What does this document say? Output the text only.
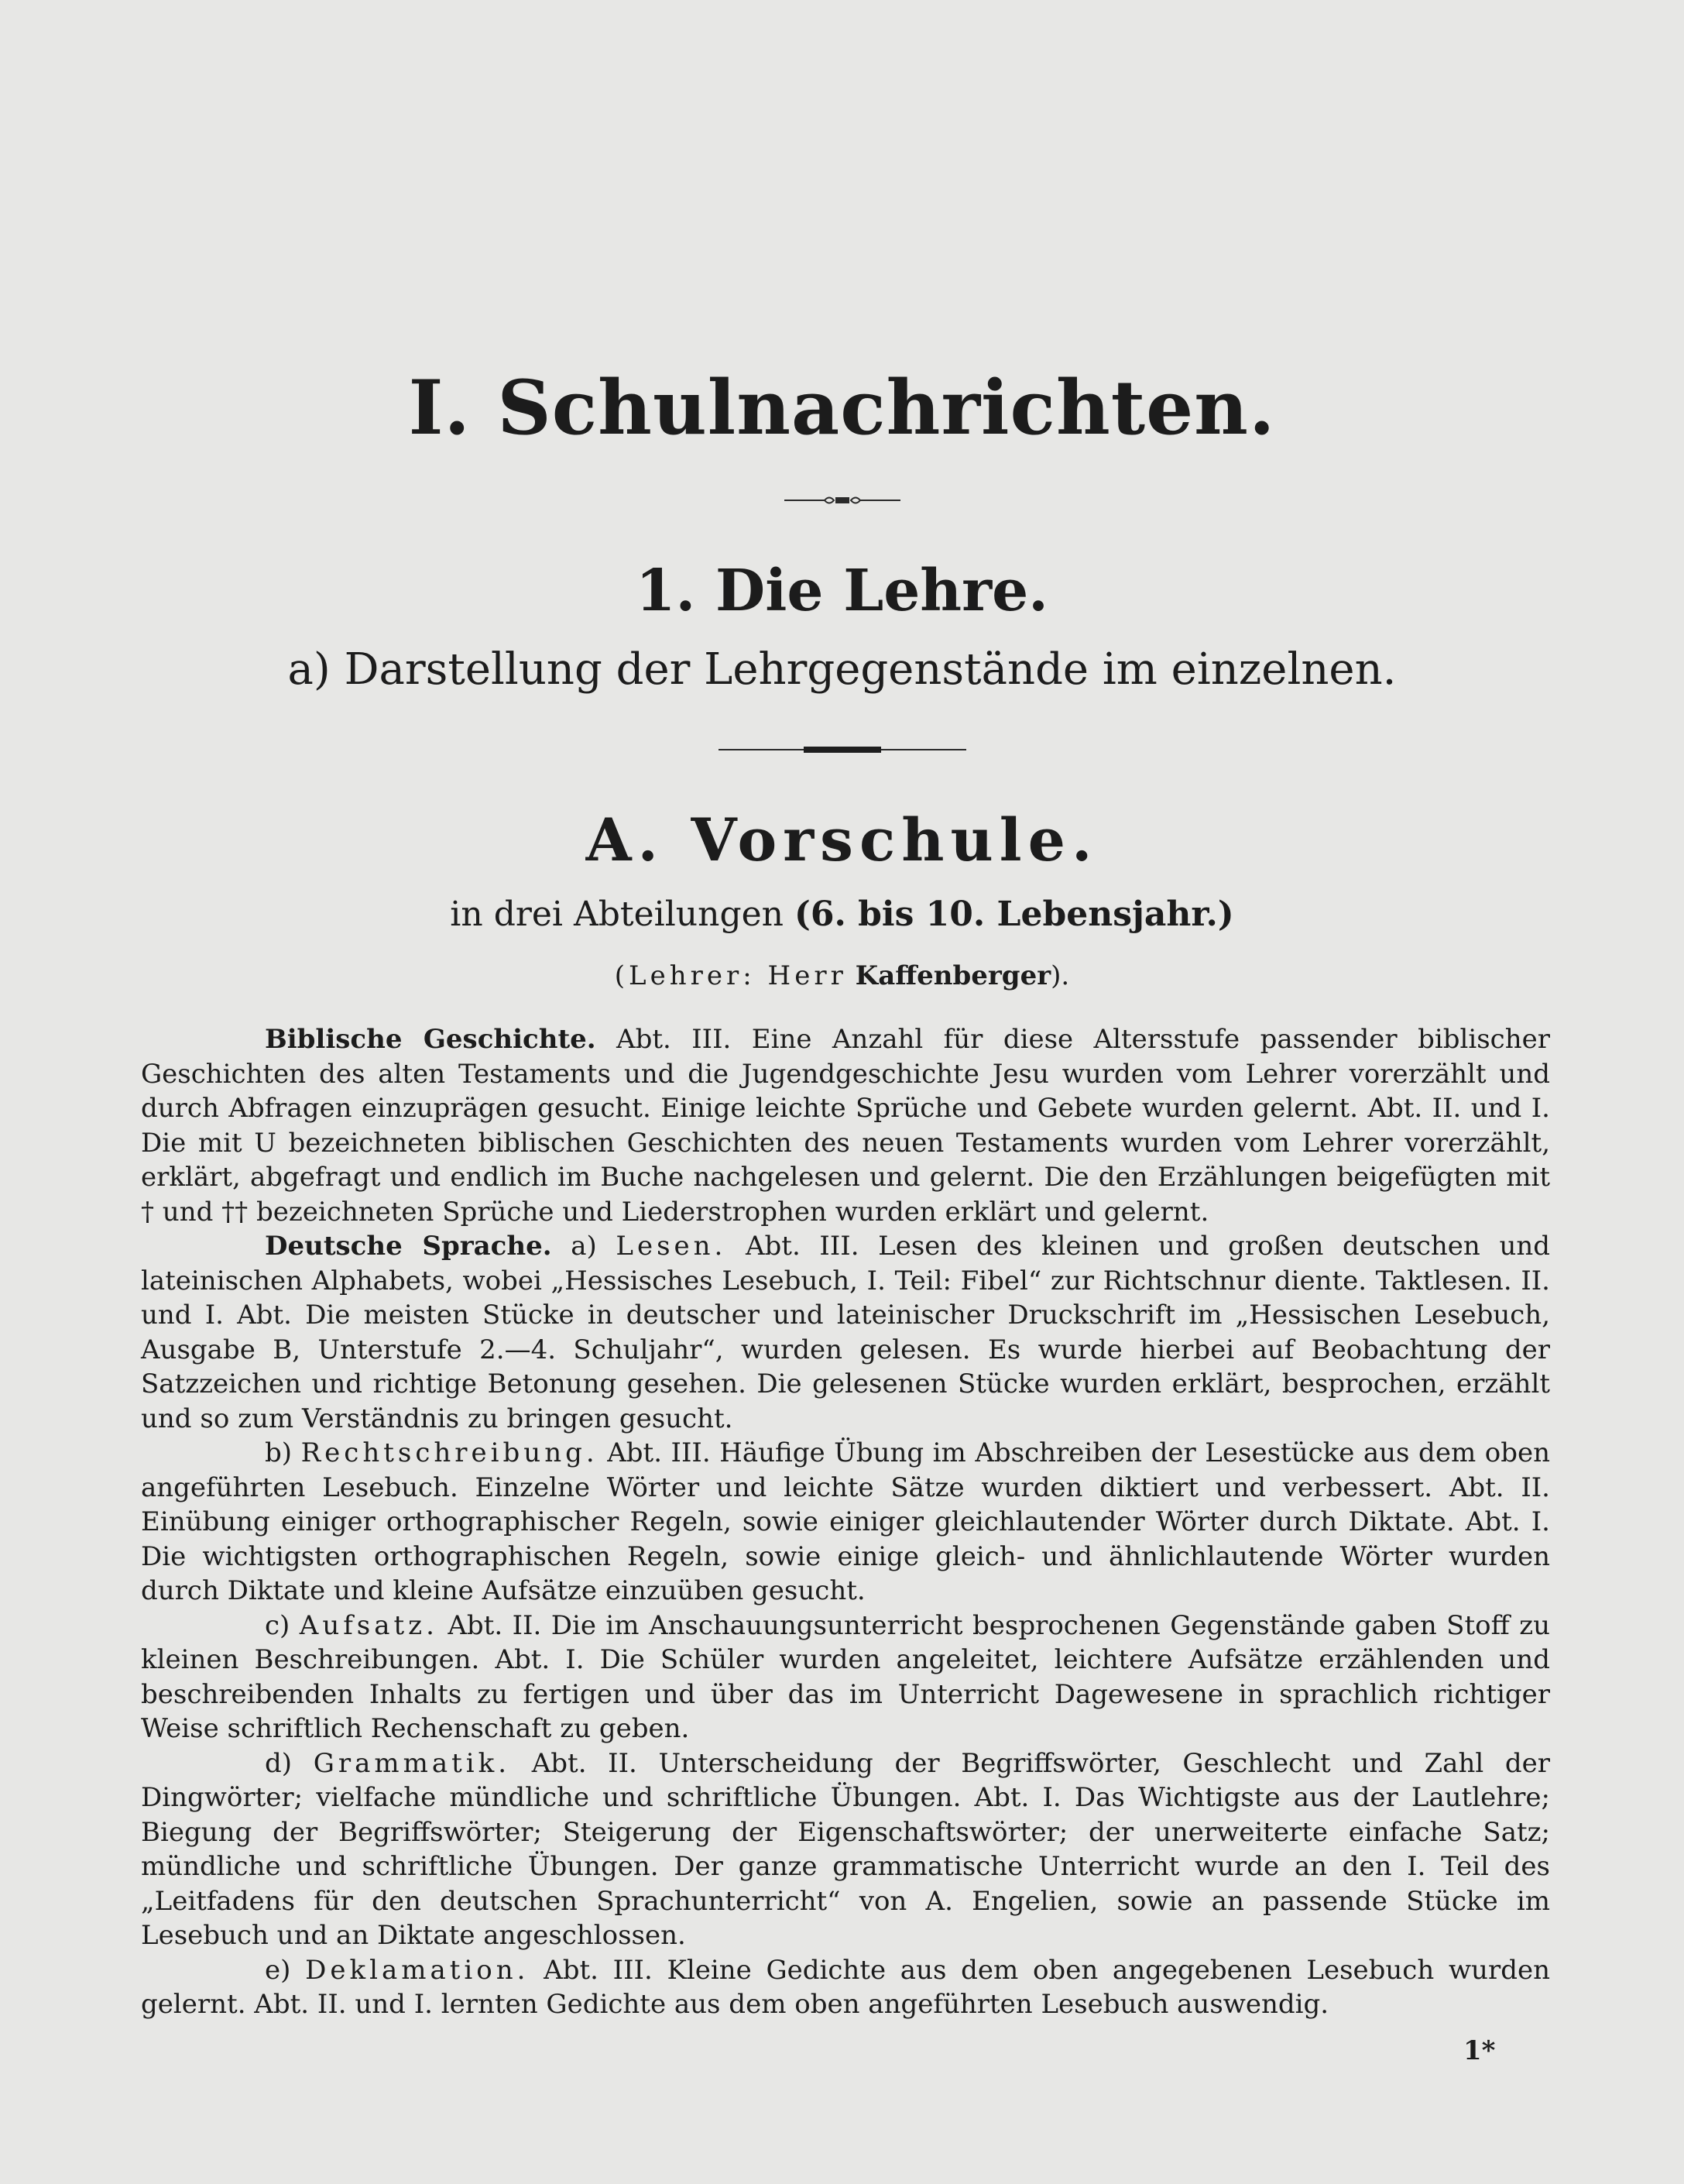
I. Schulnachrichten.
1. Die Lehre.
a) Darstellung der Lehrgegenstände im einzelnen.
A. Vorschule.
in drei Abteilungen (6. bis 10. Lebensjahr.)
(Lehrer: Herr Kaffenberger).

Biblische Geschichte. Abt. III. Eine Anzahl für diese Altersstufe passender biblischer Geschichten des alten Testaments und die Jugendgeschichte Jesu wurden vom Lehrer vorerzählt und durch Abfragen einzuprägen gesucht. Einige leichte Sprüche und Gebete wurden gelernt. Abt. II. und I. Die mit U bezeichneten biblischen Geschichten des neuen Testaments wurden vom Lehrer vorerzählt, erklärt, abgefragt und endlich im Buche nachgelesen und gelernt. Die den Erzählungen beigefügten mit † und †† bezeichneten Sprüche und Liederstrophen wurden erklärt und gelernt.

Deutsche Sprache. a) Lesen. Abt. III. Lesen des kleinen und großen deutschen und lateinischen Alphabets, wobei „Hessisches Lesebuch, I. Teil: Fibel“ zur Richtschnur diente. Taktlesen. II. und I. Abt. Die meisten Stücke in deutscher und lateinischer Druckschrift im „Hessischen Lesebuch, Ausgabe B, Unterstufe 2.—4. Schuljahr“, wurden gelesen. Es wurde hierbei auf Beobachtung der Satzzeichen und richtige Betonung gesehen. Die gelesenen Stücke wurden erklärt, besprochen, erzählt und so zum Verständnis zu bringen gesucht.

b) Rechtschreibung. Abt. III. Häufige Übung im Abschreiben der Lesestücke aus dem oben angeführten Lesebuch. Einzelne Wörter und leichte Sätze wurden diktiert und verbessert. Abt. II. Einübung einiger orthographischer Regeln, sowie einiger gleichlautender Wörter durch Diktate. Abt. I. Die wichtigsten orthographischen Regeln, sowie einige gleich- und ähnlichlautende Wörter wurden durch Diktate und kleine Aufsätze einzuüben gesucht.

c) Aufsatz. Abt. II. Die im Anschauungsunterricht besprochenen Gegenstände gaben Stoff zu kleinen Beschreibungen. Abt. I. Die Schüler wurden angeleitet, leichtere Aufsätze erzählenden und beschreibenden Inhalts zu fertigen und über das im Unterricht Dagewesene in sprachlich richtiger Weise schriftlich Rechenschaft zu geben.

d) Grammatik. Abt. II. Unterscheidung der Begriffswörter, Geschlecht und Zahl der Dingwörter; vielfache mündliche und schriftliche Übungen. Abt. I. Das Wichtigste aus der Lautlehre; Biegung der Begriffswörter; Steigerung der Eigenschaftswörter; der unerweiterte einfache Satz; mündliche und schriftliche Übungen. Der ganze grammatische Unterricht wurde an den I. Teil des „Leitfadens für den deutschen Sprachunterricht“ von A. Engelien, sowie an passende Stücke im Lesebuch und an Diktate angeschlossen.

e) Deklamation. Abt. III. Kleine Gedichte aus dem oben angegebenen Lesebuch wurden gelernt. Abt. II. und I. lernten Gedichte aus dem oben angeführten Lesebuch auswendig.

1*
